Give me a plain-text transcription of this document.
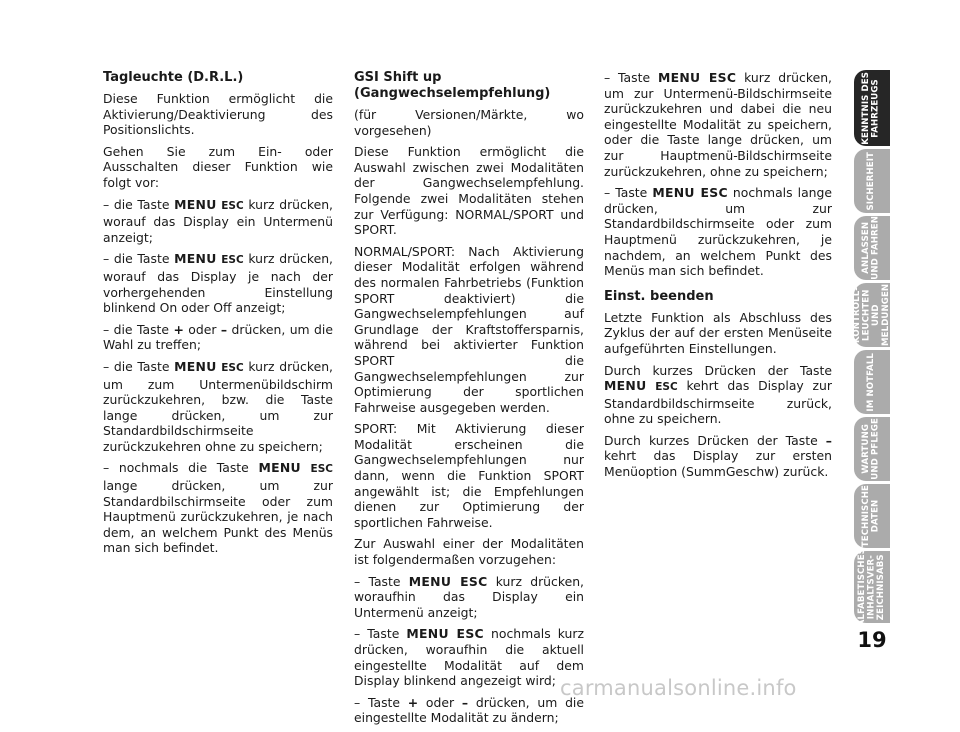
Tagleuchte (D.R.L.)

Diese Funktion ermöglicht die Aktivierung/Deaktivierung des Positionslichts.

Gehen Sie zum Ein- oder Ausschalten dieser Funktion wie folgt vor:

– die Taste MENU ESC kurz drücken, worauf das Display ein Untermenü anzeigt;

– die Taste MENU ESC kurz drücken, worauf das Display je nach der vorhergehenden Einstellung blinkend On oder Off anzeigt;

– die Taste + oder – drücken, um die Wahl zu treffen;

– die Taste MENU ESC kurz drücken, um zum Untermenübildschirm zurückzukehren, bzw. die Taste lange drücken, um zur Standardbildschirmseite zurückzukehren ohne zu speichern;

– nochmals die Taste MENU ESC lange drücken, um zur Standardbilschirmseite oder zum Hauptmenü zurückzukehren, je nach dem, an welchem Punkt des Menüs man sich befindet.

GSI Shift up (Gangwechselempfehlung)

(für Versionen/Märkte, wo vorgesehen)

Diese Funktion ermöglicht die Auswahl zwischen zwei Modalitäten der Gangwechselempfehlung. Folgende zwei Modalitäten stehen zur Verfügung: NORMAL/SPORT und SPORT.

NORMAL/SPORT: Nach Aktivierung dieser Modalität erfolgen während des normalen Fahrbetriebs (Funktion SPORT deaktiviert) die Gangwechselempfehlungen auf Grundlage der Kraftstoffersparnis, während bei aktivierter Funktion SPORT die Gangwechselempfehlungen zur Optimierung der sportlichen Fahrweise ausgegeben werden.

SPORT: Mit Aktivierung dieser Modalität erscheinen die Gangwechselempfehlungen nur dann, wenn die Funktion SPORT angewählt ist; die Empfehlungen dienen zur Optimierung der sportlichen Fahrweise.

Zur Auswahl einer der Modalitäten ist folgendermaßen vorzugehen:

– Taste MENU ESC kurz drücken, woraufhin das Display ein Untermenü anzeigt;

– Taste MENU ESC nochmals kurz drücken, woraufhin die aktuell eingestellte Modalität auf dem Display blinkend angezeigt wird;

– Taste + oder – drücken, um die eingestellte Modalität zu ändern;

– Taste MENU ESC kurz drücken, um zur Untermenü-Bildschirmseite zurückzukehren und dabei die neu eingestellte Modalität zu speichern, oder die Taste lange drücken, um zur Hauptmenü-Bildschirmseite zurückzukehren, ohne zu speichern;

– Taste MENU ESC nochmals lange drücken, um zur Standardbildschirmseite oder zum Hauptmenü zurückzukehren, je nachdem, an welchem Punkt des Menüs man sich befindet.

Einst. beenden

Letzte Funktion als Abschluss des Zyklus der auf der ersten Menüseite aufgeführten Einstellungen.

Durch kurzes Drücken der Taste MENU ESC kehrt das Display zur Standardbildschirmseite zurück, ohne zu speichern.

Durch kurzes Drücken der Taste – kehrt das Display zur ersten Menüoption (SummGeschw) zurück.

KENNTNIS DES
FAHRZEUGS
SICHERHEIT
ANLASSEN
UND FAHREN
KONTROLL-
LEUCHTEN UND
MELDUNGEN
IM NOTFALL
WARTUNG
UND PFLEGE
TECHNISCHE
DATEN
ALFABETISCHES
INHALTSVER-
ZEICHNISABS
19
carmanualsonline.info
